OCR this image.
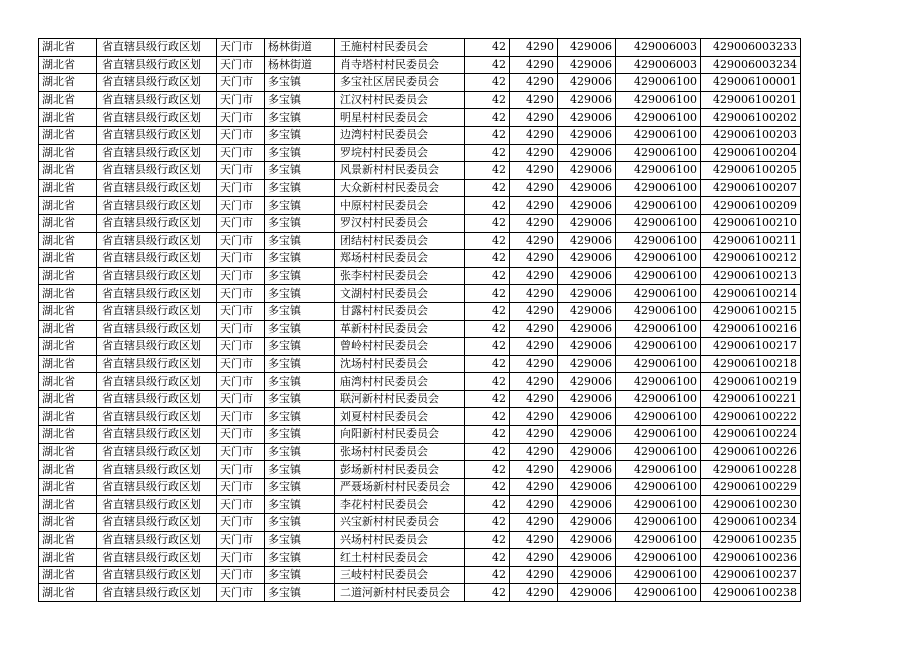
湖北省	省直辖县级行政区划	天门市	杨林街道	王施村村民委员会	42	4290	429006	429006003	429006003233
湖北省	省直辖县级行政区划	天门市	杨林街道	肖寺塔村村民委员会	42	4290	429006	429006003	429006003234
湖北省	省直辖县级行政区划	天门市	多宝镇	多宝社区居民委员会	42	4290	429006	429006100	429006100001
湖北省	省直辖县级行政区划	天门市	多宝镇	江汉村村民委员会	42	4290	429006	429006100	429006100201
湖北省	省直辖县级行政区划	天门市	多宝镇	明星村村民委员会	42	4290	429006	429006100	429006100202
湖北省	省直辖县级行政区划	天门市	多宝镇	边湾村村民委员会	42	4290	429006	429006100	429006100203
湖北省	省直辖县级行政区划	天门市	多宝镇	罗垸村村民委员会	42	4290	429006	429006100	429006100204
湖北省	省直辖县级行政区划	天门市	多宝镇	风景新村村民委员会	42	4290	429006	429006100	429006100205
湖北省	省直辖县级行政区划	天门市	多宝镇	大众新村村民委员会	42	4290	429006	429006100	429006100207
湖北省	省直辖县级行政区划	天门市	多宝镇	中原村村民委员会	42	4290	429006	429006100	429006100209
湖北省	省直辖县级行政区划	天门市	多宝镇	罗汉村村民委员会	42	4290	429006	429006100	429006100210
湖北省	省直辖县级行政区划	天门市	多宝镇	团结村村民委员会	42	4290	429006	429006100	429006100211
湖北省	省直辖县级行政区划	天门市	多宝镇	郑场村村民委员会	42	4290	429006	429006100	429006100212
湖北省	省直辖县级行政区划	天门市	多宝镇	张李村村民委员会	42	4290	429006	429006100	429006100213
湖北省	省直辖县级行政区划	天门市	多宝镇	文湖村村民委员会	42	4290	429006	429006100	429006100214
湖北省	省直辖县级行政区划	天门市	多宝镇	甘露村村民委员会	42	4290	429006	429006100	429006100215
湖北省	省直辖县级行政区划	天门市	多宝镇	革新村村民委员会	42	4290	429006	429006100	429006100216
湖北省	省直辖县级行政区划	天门市	多宝镇	曾岭村村民委员会	42	4290	429006	429006100	429006100217
湖北省	省直辖县级行政区划	天门市	多宝镇	沈场村村民委员会	42	4290	429006	429006100	429006100218
湖北省	省直辖县级行政区划	天门市	多宝镇	庙湾村村民委员会	42	4290	429006	429006100	429006100219
湖北省	省直辖县级行政区划	天门市	多宝镇	联河新村村民委员会	42	4290	429006	429006100	429006100221
湖北省	省直辖县级行政区划	天门市	多宝镇	刘夏村村民委员会	42	4290	429006	429006100	429006100222
湖北省	省直辖县级行政区划	天门市	多宝镇	向阳新村村民委员会	42	4290	429006	429006100	429006100224
湖北省	省直辖县级行政区划	天门市	多宝镇	张场村村民委员会	42	4290	429006	429006100	429006100226
湖北省	省直辖县级行政区划	天门市	多宝镇	彭场新村村民委员会	42	4290	429006	429006100	429006100228
湖北省	省直辖县级行政区划	天门市	多宝镇	严聂场新村村民委员会	42	4290	429006	429006100	429006100229
湖北省	省直辖县级行政区划	天门市	多宝镇	李花村村民委员会	42	4290	429006	429006100	429006100230
湖北省	省直辖县级行政区划	天门市	多宝镇	兴宝新村村民委员会	42	4290	429006	429006100	429006100234
湖北省	省直辖县级行政区划	天门市	多宝镇	兴场村村民委员会	42	4290	429006	429006100	429006100235
湖北省	省直辖县级行政区划	天门市	多宝镇	红土村村民委员会	42	4290	429006	429006100	429006100236
湖北省	省直辖县级行政区划	天门市	多宝镇	三岐村村民委员会	42	4290	429006	429006100	429006100237
湖北省	省直辖县级行政区划	天门市	多宝镇	二道河新村村民委员会	42	4290	429006	429006100	429006100238
